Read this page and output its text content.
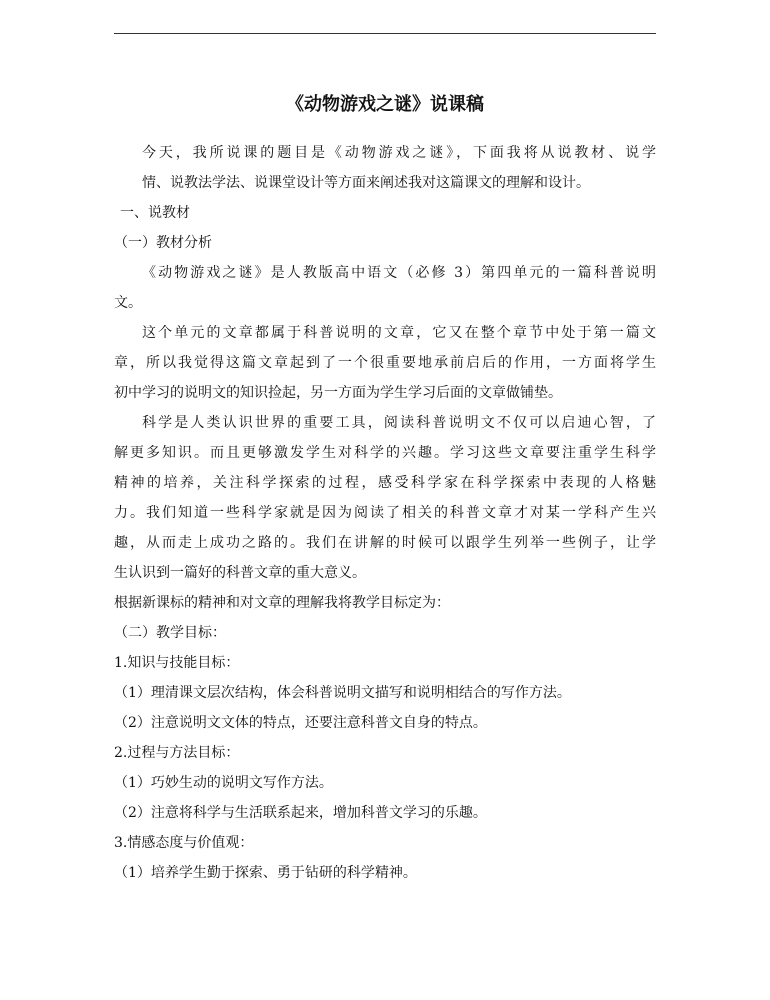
《动物游戏之谜》说课稿

今天，我所说课的题目是《动物游戏之谜》，下面我将从说教材、说学
情、说教法学法、说课堂设计等方面来阐述我对这篇课文的理解和设计。

一、说教材

（一）教材分析

《动物游戏之谜》是人教版高中语文（必修 3）第四单元的一篇科普说明

文。

这个单元的文章都属于科普说明的文章，它又在整个章节中处于第一篇文

章，所以我觉得这篇文章起到了一个很重要地承前启后的作用，一方面将学生
初中学习的说明文的知识捡起，另一方面为学生学习后面的文章做铺垫。

科学是人类认识世界的重要工具，阅读科普说明文不仅可以启迪心智，了

解更多知识。而且更够激发学生对科学的兴趣。学习这些文章要注重学生科学
精神的培养，关注科学探索的过程，感受科学家在科学探索中表现的人格魅
力。我们知道一些科学家就是因为阅读了相关的科普文章才对某一学科产生兴
趣，从而走上成功之路的。我们在讲解的时候可以跟学生列举一些例子，让学
生认识到一篇好的科普文章的重大意义。

根据新课标的精神和对文章的理解我将教学目标定为：

（二）教学目标：

1.知识与技能目标：

（1）理清课文层次结构，体会科普说明文描写和说明相结合的写作方法。

（2）注意说明文文体的特点，还要注意科普文自身的特点。

2.过程与方法目标：

（1）巧妙生动的说明文写作方法。

（2）注意将科学与生活联系起来，增加科普文学习的乐趣。

3.情感态度与价值观：

（1）培养学生勤于探索、勇于钻研的科学精神。
